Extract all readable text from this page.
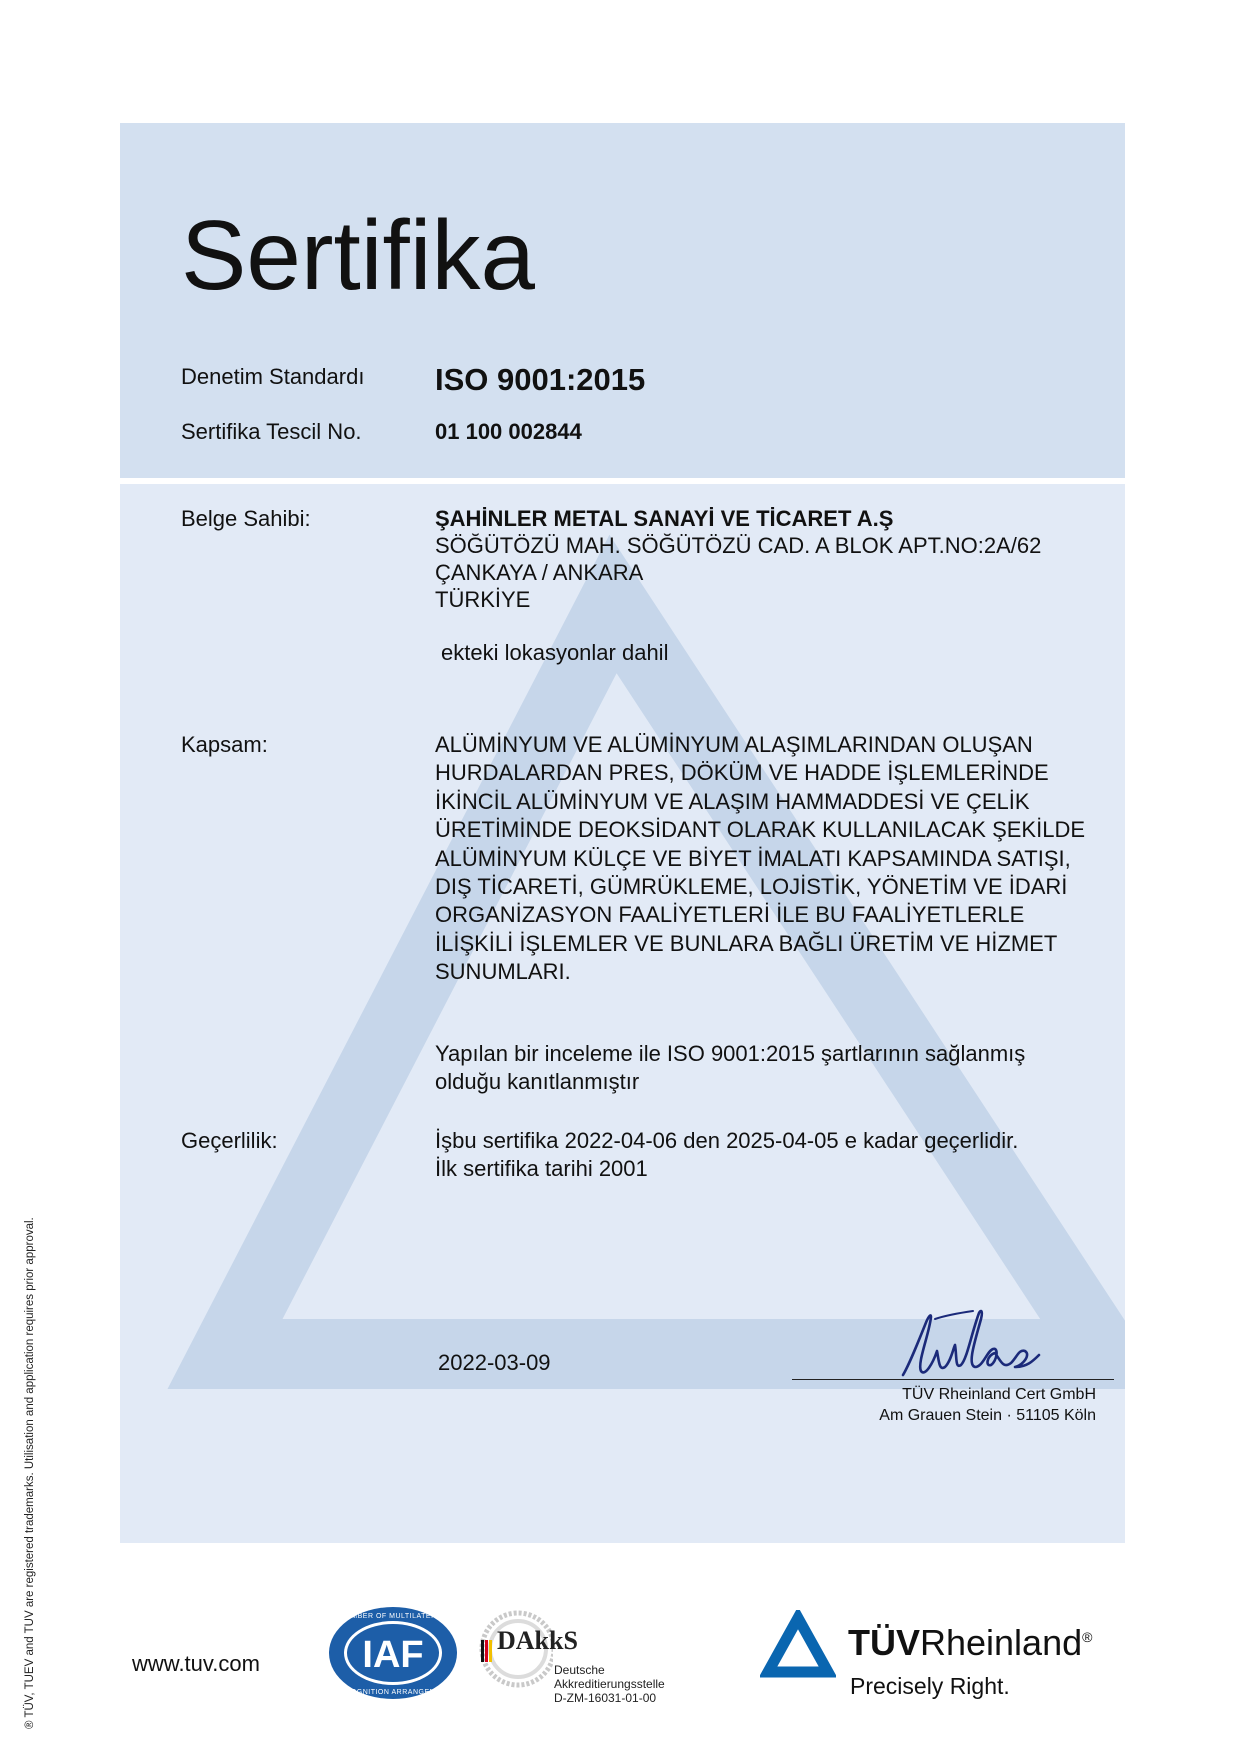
Sertifika
Denetim Standardı ISO 9001:2015
Sertifika Tescil No.	01 100 002844
Belge Sahibi:	ŞAHİNLER METAL SANAYİ VE TİCARET A.Ş
SÖĞÜTÖZÜ MAH. SÖĞÜTÖZÜ CAD. A BLOK APT.NO:2A/62
ÇANKAYA / ANKARA
TÜRKİYE
ekteki lokasyonlar dahil
Kapsam:	ALÜMİNYUM VE ALÜMİNYUM ALAŞIMLARINDAN OLUŞAN
HURDALARDAN PRES, DÖKÜM VE HADDE İŞLEMLERİNDE
İKİNCİL ALÜMİNYUM VE ALAŞIM HAMMADDESİ VE ÇELİK
ÜRETİMİNDE DEOKSİDANT OLARAK KULLANILACAK ŞEKİLDE
ALÜMİNYUM KÜLÇE VE BİYET İMALATI KAPSAMINDA SATIŞI,
DIŞ TİCARETİ, GÜMRÜKLEME, LOJİSTİK, YÖNETİM VE İDARİ
ORGANİZASYON FAALİYETLERİ İLE BU FAALİYETLERLE
İLİŞKİLİ İŞLEMLER VE BUNLARA BAĞLI ÜRETİM VE HİZMET
SUNUMLARI.
Yapılan bir inceleme ile ISO 9001:2015 şartlarının sağlanmış
olduğu kanıtlanmıştır
Geçerlilik:	İşbu sertifika 2022-04-06 den 2025-04-05 e kadar geçerlidir.
İlk sertifika tarihi 2001
2022-03-09
TÜV Rheinland Cert GmbH
Am Grauen Stein · 51105 Köln
® TÜV, TUEV and TUV are registered trademarks. Utilisation and application requires prior approval.	www.tuv.com	IAF
MEMBER OF MULTILATERAL
RECOGNITION ARRANGEMENT
DAkkS
Deutsche
Akkreditierungsstelle
D-ZM-16031-01-00
TÜVRheinland®
Precisely Right.
